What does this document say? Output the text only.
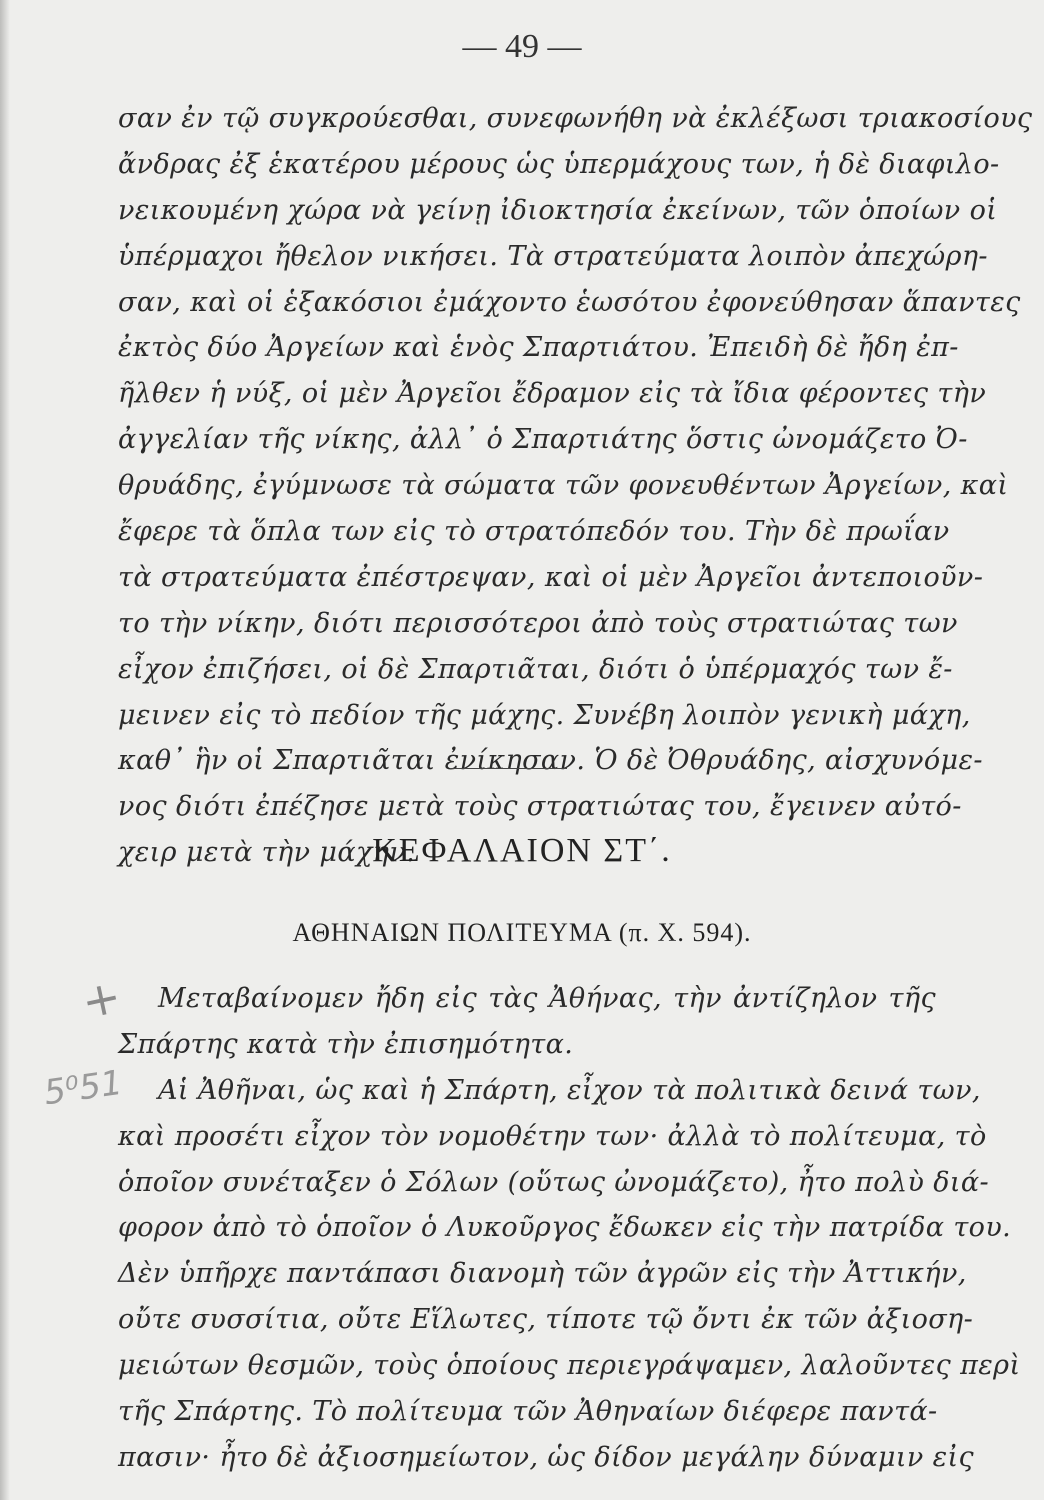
— 49 —
σαν ἐν τῷ συγκρούεσθαι, συνεφωνήθη νὰ ἐκλέξωσι τριακοσίους
ἄνδρας ἐξ ἑκατέρου μέρους ὡς ὑπερμάχους των, ἡ δὲ διαφιλο-
νεικουμένη χώρα νὰ γείνῃ ἰδιοκτησία ἐκείνων, τῶν ὁποίων οἱ
ὑπέρμαχοι ἤθελον νικήσει. Τὰ στρατεύματα λοιπὸν ἀπεχώρη-
σαν, καὶ οἱ ἑξακόσιοι ἐμάχοντο ἑωσότου ἐφονεύθησαν ἅπαντες
ἐκτὸς δύο Ἀργείων καὶ ἑνὸς Σπαρτιάτου. Ἐπειδὴ δὲ ἤδη ἐπ-
ῆλθεν ἡ νύξ, οἱ μὲν Ἀργεῖοι ἔδραμον εἰς τὰ ἴδια φέροντες τὴν
ἀγγελίαν τῆς νίκης, ἀλλ᾽ ὁ Σπαρτιάτης ὅστις ὠνομάζετο Ὀ-
θρυάδης, ἐγύμνωσε τὰ σώματα τῶν φονευθέντων Ἀργείων, καὶ
ἔφερε τὰ ὅπλα των εἰς τὸ στρατόπεδόν του. Τὴν δὲ πρωΐαν
τὰ στρατεύματα ἐπέστρεψαν, καὶ οἱ μὲν Ἀργεῖοι ἀντεποιοῦν-
το τὴν νίκην, διότι περισσότεροι ἀπὸ τοὺς στρατιώτας των
εἶχον ἐπιζήσει, οἱ δὲ Σπαρτιᾶται, διότι ὁ ὑπέρμαχός των ἔ-
μεινεν εἰς τὸ πεδίον τῆς μάχης. Συνέβη λοιπὸν γενικὴ μάχη,
καθ᾽ ἣν οἱ Σπαρτιᾶται ἐνίκησαν. Ὁ δὲ Ὀθρυάδης, αἰσχυνόμε-
νος διότι ἐπέζησε μετὰ τοὺς στρατιώτας του, ἔγεινεν αὐτό-
χειρ μετὰ τὴν μάχην.
ΚΕΦΑΛΑΙΟΝ ΣΤ΄.
ΑΘΗΝΑΙΩΝ ΠΟΛΙΤΕΥΜΑ (π. Χ. 594).
Μεταβαίνομεν ἤδη εἰς τὰς Ἀθήνας, τὴν ἀντίζηλον τῆς
Σπάρτης κατὰ τὴν ἐπισημότητα.
Αἱ Ἀθῆναι, ὡς καὶ ἡ Σπάρτη, εἶχον τὰ πολιτικὰ δεινά των,
καὶ προσέτι εἶχον τὸν νομοθέτην των· ἀλλὰ τὸ πολίτευμα, τὸ
ὁποῖον συνέταξεν ὁ Σόλων (οὕτως ὠνομάζετο), ἦτο πολὺ διά-
φορον ἀπὸ τὸ ὁποῖον ὁ Λυκοῦργος ἔδωκεν εἰς τὴν πατρίδα του.
Δὲν ὑπῆρχε παντάπασι διανομὴ τῶν ἀγρῶν εἰς τὴν Ἀττικήν,
οὔτε συσσίτια, οὔτε Εἵλωτες, τίποτε τῷ ὄντι ἐκ τῶν ἀξιοση-
μειώτων θεσμῶν, τοὺς ὁποίους περιεγράψαμεν, λαλοῦντες περὶ
τῆς Σπάρτης. Τὸ πολίτευμα τῶν Ἀθηναίων διέφερε παντά-
πασιν· ἦτο δὲ ἀξιοσημείωτον, ὡς δίδον μεγάλην δύναμιν εἰς
+
5⁰51
